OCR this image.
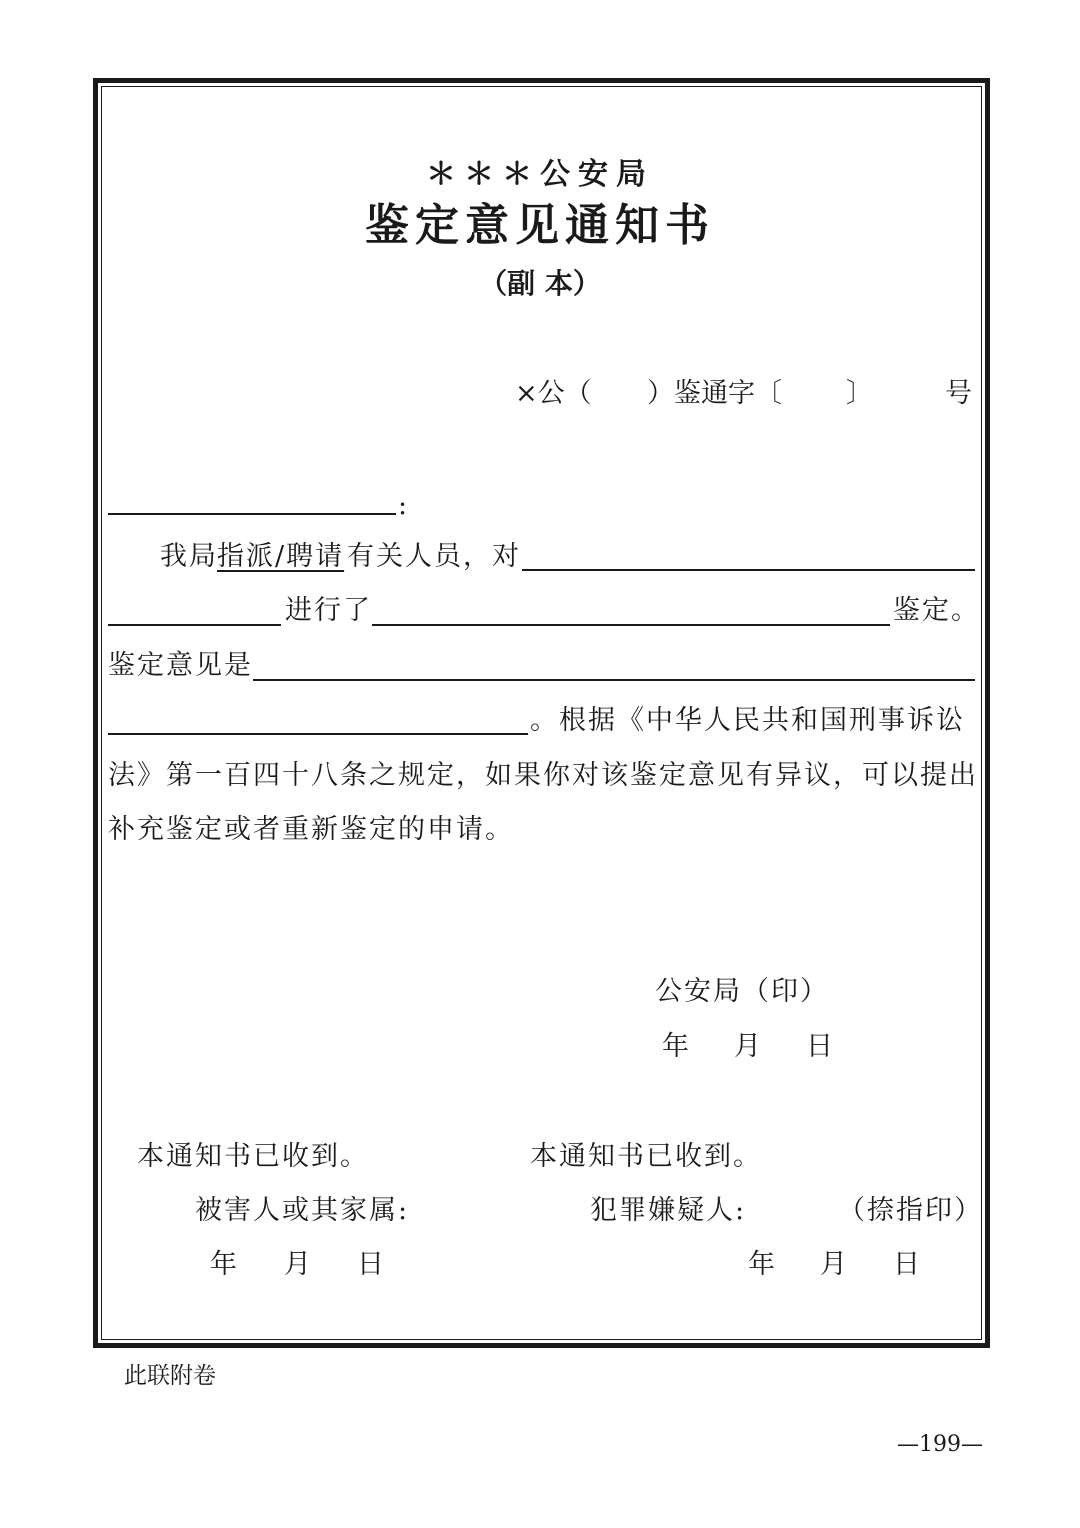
＊＊＊公安局
鉴定意见通知书
（副 本）
×公（ ）鉴通字〔 〕	号
:
我局 指派/聘请 有关人员，对
进行了	鉴定。
鉴定意见是
。根据《中华人民共和国刑事诉讼
法》第一百四十八条之规定，如果你对该鉴定意见有异议，可以提出
补充鉴定或者重新鉴定的申请。
公安局（印）
年 月 日
本通知书已收到。	本通知书已收到。
被害人或其家属:	犯罪嫌疑人:	（捺指印）
年 月 日	年 月 日
此联附卷
—199—
